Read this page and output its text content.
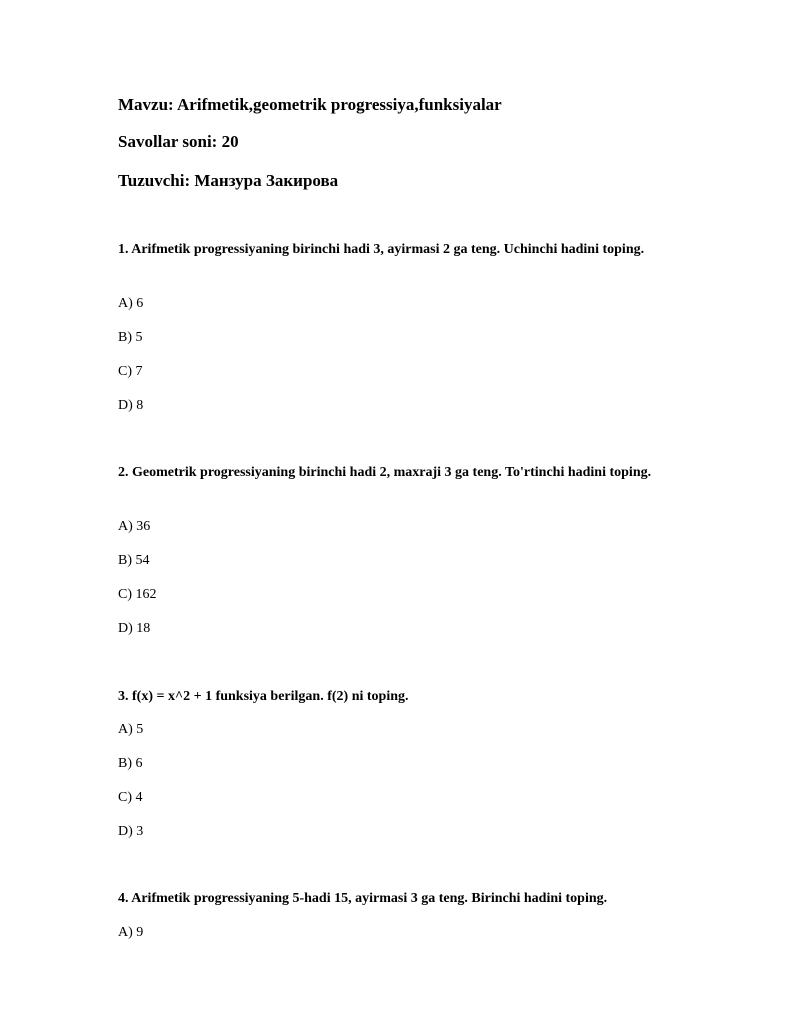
Mavzu: Arifmetik,geometrik progressiya,funksiyalar
Savollar soni: 20
Tuzuvchi: Манзура Закирова
1. Arifmetik progressiyaning birinchi hadi 3, ayirmasi 2 ga teng. Uchinchi hadini toping.
A) 6
B) 5
C) 7
D) 8
2. Geometrik progressiyaning birinchi hadi 2, maxraji 3 ga teng. To'rtinchi hadini toping.
A) 36
B) 54
C) 162
D) 18
3. f(x) = x^2 + 1 funksiya berilgan. f(2) ni toping.
A) 5
B) 6
C) 4
D) 3
4. Arifmetik progressiyaning 5-hadi 15, ayirmasi 3 ga teng. Birinchi hadini toping.
A) 9
